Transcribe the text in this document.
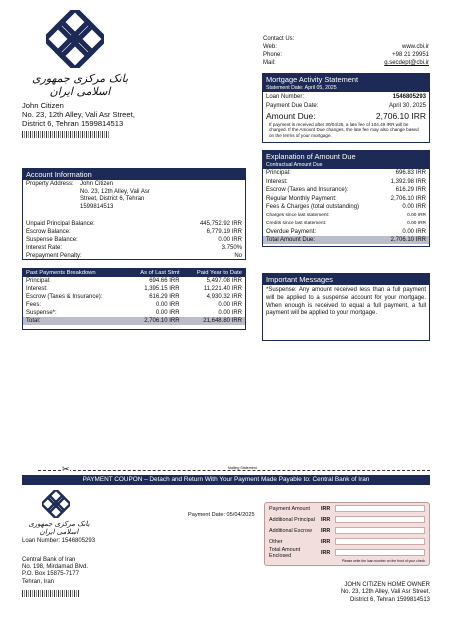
بانک مرکزی جمهوری اسلامی ایران
Contact Us:
Web:	www.cbi.ir
Phone:	+98 21 29951
Mail:	g.secdept@cbi.ir
John Citizen
No. 23, 12th Alley, Vali Asr Street,
District 6, Tehran 1599814513
Mortgage Activity Statement
Statement Date: April 05, 2025
Loan Number:	1546805293
Payment Due Date:	April 30, 2025
Amount Due:	2,706.10 IRR
If payment is received after 30/04/25, a late fee of 104.49 IRR will be charged. If the Amount Due changes, the late fee may also change based on the terms of your mortgage.
Account Information
Property Address:	John Citizen
No. 23, 12th Alley, Vali Asr
Street, District 6, Tehran
1599814513
Unpaid Principal Balance:	445,752.92 IRR
Escrow Balance:	6,779.19 IRR
Suspense Balance:	0.00 IRR
Interest Rate:	3.750%
Prepayment Penalty:	No
Explanation of Amount Due
Contractual Amount Due
Principal:	696.83 IRR
Interest:	1,392.98 IRR
Escrow (Taxes and Insurance):	616.29 IRR
Regular Monthly Payment:	2,706.10 IRR
Fees & Charges (total outstanding)	0.00 IRR
Charges since last statement:	0.00 IRR
Credits since last statement:	0.00 IRR
Overdue Payment:	0.00 IRR
Total Amount Due:	2,706.10 IRR
Past Payments Breakdown	As of Last Stmt	Paid Year to Date
Principal:	694.66 IRR	5,497.08 IRR
Interest:	1,395.15 IRR	11,221.40 IRR
Escrow (Taxes & Insurance):	616.29 IRR	4,930.32 IRR
Fees:	0.00 IRR	0.00 IRR
Suspense*:	0.00 IRR	0.00 IRR
Total:	2,706.10 IRR	21,648.80 IRR
Important Messages
*Suspense: Any amount received less than a full payment will be applied to a suspense account for your mortgage. When enough is received to equal a full payment, a full payment will be applied to your mortgage.
✂	Mailing Statement
PAYMENT COUPON – Detach and Return With Your Payment Made Payable to: Central Bank of Iran
بانک مرکزی جمهوری اسلامی ایران
Loan Number: 1546805293
Payment Date: 05/04/2025
Central Bank of Iran
No. 198, Mirdamad Blvd.
P.O. Box 15875-7177
Tehran, Iran
Payment Amount	IRR
Additional Principal	IRR
Additional Escrow	IRR
Other	IRR
Total Amount Enclosed	IRR
Please write the loan number on the front of your check
JOHN CITIZEN HOME OWNER
No. 23, 12th Alley, Vali Asr Street,
District 6, Tehran 1599814513
